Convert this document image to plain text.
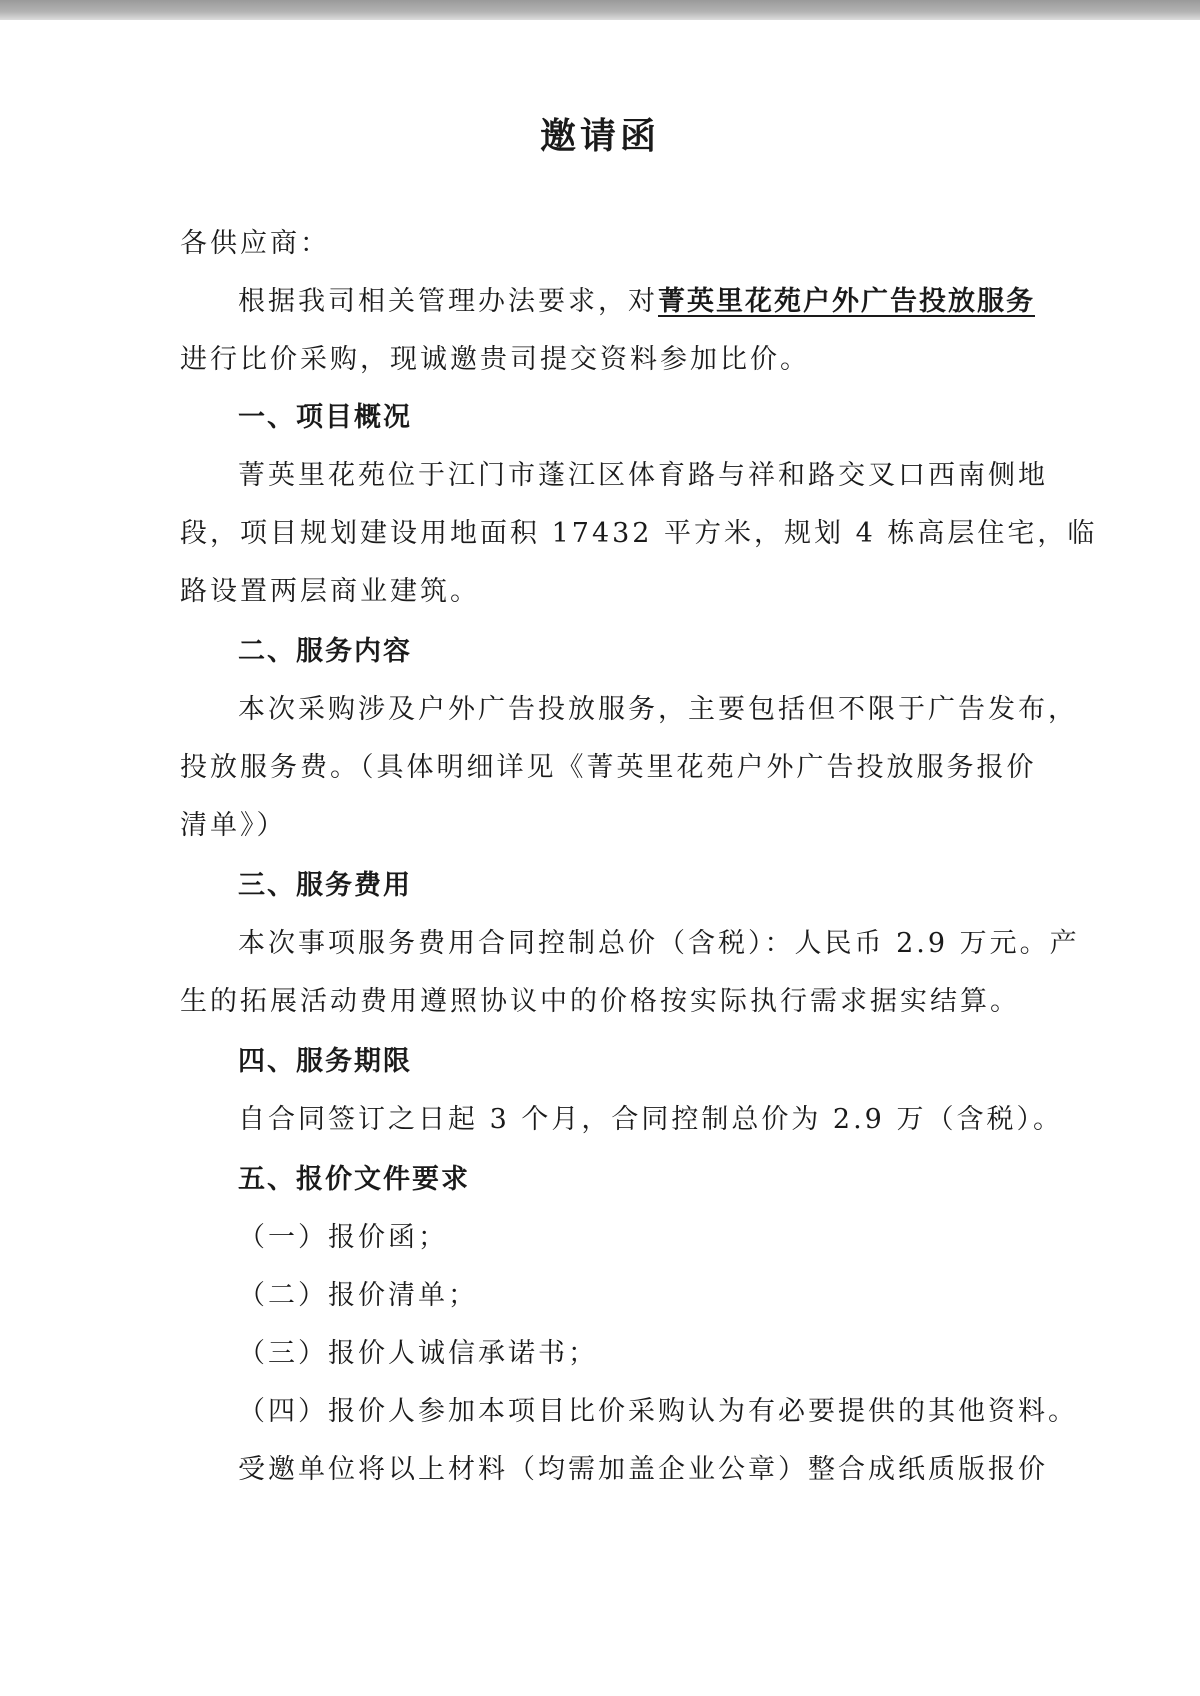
邀请函

各供应商：

根据我司相关管理办法要求，对菁英里花苑户外广告投放服务

进行比价采购，现诚邀贵司提交资料参加比价。

一、项目概况

菁英里花苑位于江门市蓬江区体育路与祥和路交叉口西南侧地

段，项目规划建设用地面积 17432 平方米，规划 4 栋高层住宅，临

路设置两层商业建筑。

二、服务内容

本次采购涉及户外广告投放服务，主要包括但不限于广告发布，

投放服务费。（具体明细详见《菁英里花苑户外广告投放服务报价

清单》）

三、服务费用

本次事项服务费用合同控制总价（含税）：人民币 2.9 万元。产

生的拓展活动费用遵照协议中的价格按实际执行需求据实结算。

四、服务期限

自合同签订之日起 3 个月，合同控制总价为 2.9 万（含税）。

五、报价文件要求

（一）报价函；

（二）报价清单；

（三）报价人诚信承诺书；

（四）报价人参加本项目比价采购认为有必要提供的其他资料。

受邀单位将以上材料（均需加盖企业公章）整合成纸质版报价
